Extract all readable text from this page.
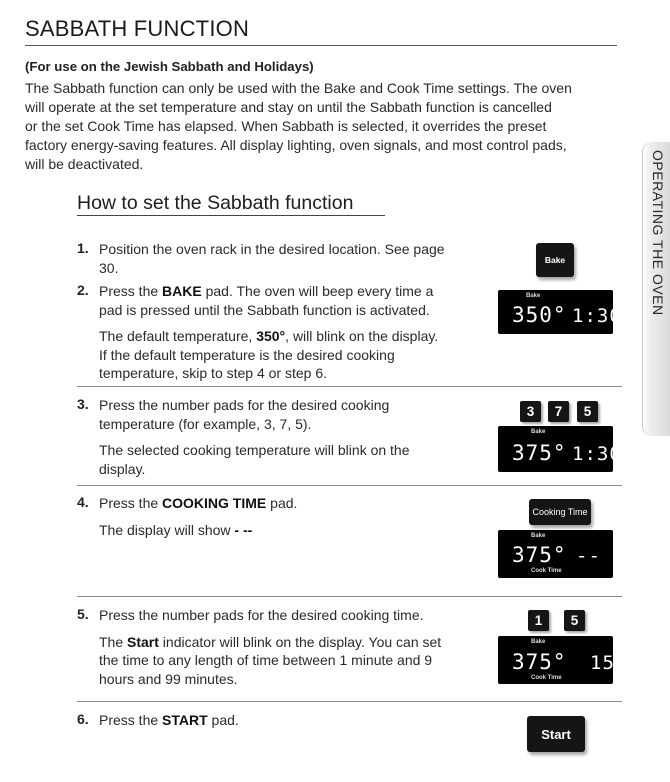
SABBATH FUNCTION
(For use on the Jewish Sabbath and Holidays)
The Sabbath function can only be used with the Bake and Cook Time settings. The oven
will operate at the set temperature and stay on until the Sabbath function is cancelled
or the set Cook Time has elapsed. When Sabbath is selected, it overrides the preset
factory energy-saving features. All display lighting, oven signals, and most control pads,
will be deactivated.	OPERATING THE OVEN
How to set the Sabbath function
1. Position the oven rack in the desired location. See page
30.
2. Press the BAKE pad. The oven will beep every time a
pad is pressed until the Sabbath function is activated.
The default temperature, 350°, will blink on the display.
If the default temperature is the desired cooking
temperature, skip to step 4 or step 6.
3. Press the number pads for the desired cooking
temperature (for example, 3, 7, 5).
The selected cooking temperature will blink on the
display.
4. Press the COOKING TIME pad.
The display will show - --
5. Press the number pads for the desired cooking time.
The Start indicator will blink on the display. You can set
the time to any length of time between 1 minute and 9
hours and 99 minutes.
6. Press the START pad.
Bake
Bake
350° 1:30
3	7	5
Bake
375° 1:30
Cooking Time
Bake
375° ---
Cook Time
1	5
Bake
375° 15
Cook Time
Start
